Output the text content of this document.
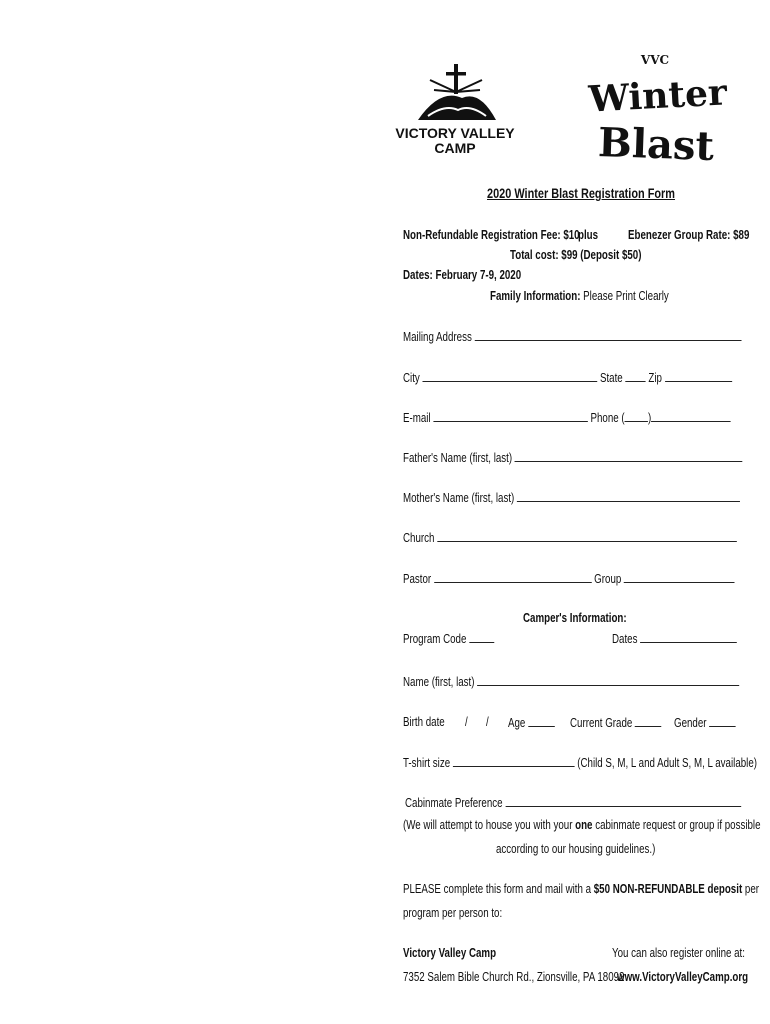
VICTORY VALLEY
CAMP
VVC
Winter
Blast
2020 Winter Blast Registration Form
Non-Refundable Registration Fee: $10
plus Ebenezer Group Rate: $89
Total cost: $99 (Deposit $50)
Dates: February 7-9, 2020
Family Information: Please Print Clearly
Mailing Address
City	State Zip
E-mail	Phone ( )
Father's Name (first, last)
Mother's Name (first, last)
Church
Pastor	Group
Camper's Information:
Program Code	Dates
Name (first, last)
Birth date / / Age	Current Grade	Gender
T-shirt size	(Child S, M, L and Adult S, M, L available)
Cabinmate Preference
(We will attempt to house you with your one cabinmate request or group if possible
according to our housing guidelines.)
PLEASE complete this form and mail with a $50 NON-REFUNDABLE deposit per
program per person to:
Victory Valley Camp	You can also register online at:
7352 Salem Bible Church Rd., Zionsville, PA 18092
www.VictoryValleyCamp.org
